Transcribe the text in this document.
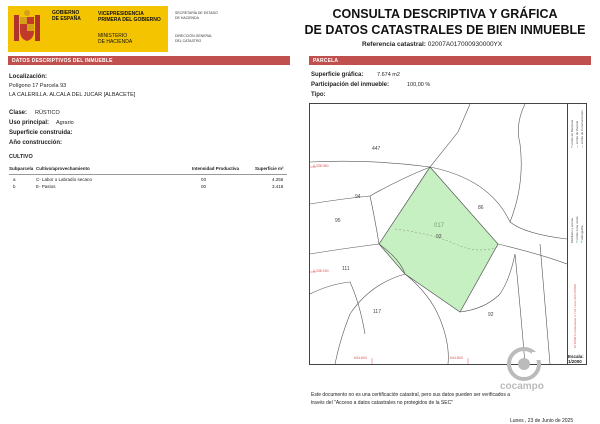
GOBIERNO
DE ESPAÑA
VICEPRESIDENCIA
PRIMERA DEL GOBIERNO
MINISTERIO
DE HACIENDA
SECRETARÍA DE ESTADO
DE HACIENDA
DIRECCIÓN GENERAL
DEL CATASTRO
CONSULTA DESCRIPTIVA Y GRÁFICA
DE DATOS CATASTRALES DE BIEN INMUEBLE
Referencia catastral: 02007A017000930000YX
DATOS DESCRIPTIVOS DEL INMUEBLE
Localización:
Polígono 17 Parcela 93
LA CALERILLA. ALCALA DEL JUCAR [ALBACETE]
Clase: RÚSTICO
Uso principal: Agrario
Superficie construida:
Año construcción:
CULTIVO
Subparcela Cultivo/aprovechamiento	Intensidad Productiva	Superficie m²
a	C- Labor o Labradío secano	03	4.256
b	E- Pastos	00	3.418
PARCELA
Superficie gráfica: 7.674 m2
Participación del inmueble:	100,00 %
Tipo:
447
94
86
95
93
111
117	92
017
4.338.050
4.338.150
634.600	634.800
━ Límite de Manzana
— Límite de Parcela
— Límite de Construcciones
Mobiliario y aceras ━ Límite zona verde
━ Hidrografía
ETRS89 Coordenadas U.T.M. Huso 30 ETRS89
Escala:
1/2000
cocampo
Este documento no es una certificación catastral, pero sus datos pueden ser verificados a
través del "Acceso a datos catastrales no protegidos de la SEC"
Lunes , 23 de Junio de 2025
